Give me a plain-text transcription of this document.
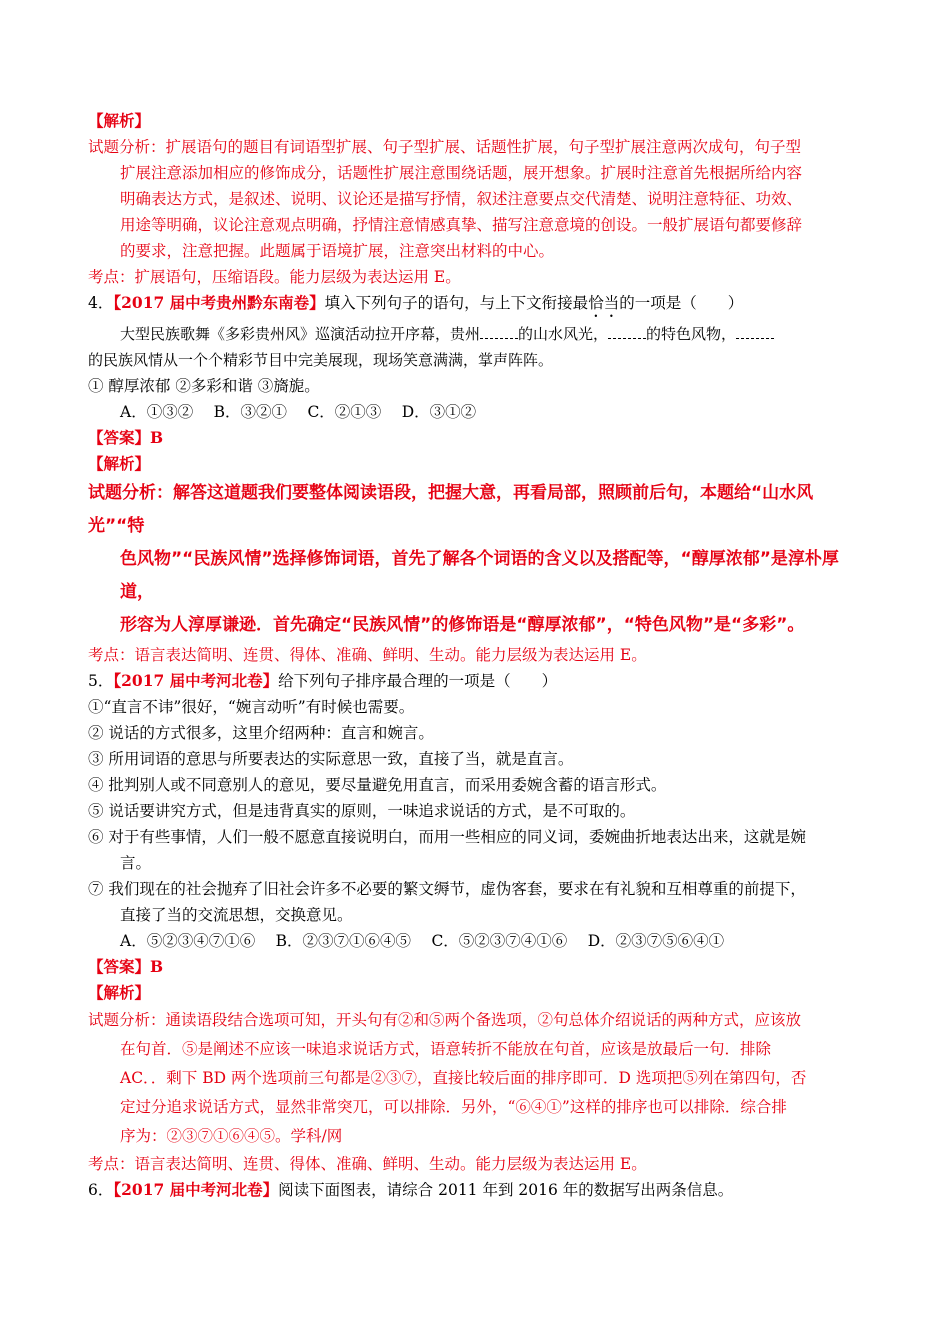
【解析】
试题分析：扩展语句的题目有词语型扩展、句子型扩展、话题性扩展，句子型扩展注意两次成句，句子型
扩展注意添加相应的修饰成分，话题性扩展注意围绕话题，展开想象。扩展时注意首先根据所给内容
明确表达方式，是叙述、说明、议论还是描写抒情，叙述注意要点交代清楚、说明注意特征、功效、
用途等明确，议论注意观点明确，抒情注意情感真挚、描写注意意境的创设。一般扩展语句都要修辞
的要求，注意把握。此题属于语境扩展，注意突出材料的中心。
考点：扩展语句，压缩语段。能力层级为表达运用 E。
4．【2017 届中考贵州黔东南卷】填入下列句子的语句，与上下文衔接最恰当的一项是（　　）
大型民族歌舞《多彩贵州风》巡演活动拉开序幕，贵州	的山水风光，	的特色风物，
的民族风情从一个个精彩节目中完美展现，现场笑意满满，掌声阵阵。
① 醇厚浓郁 ②多彩和谐 ③旖旎。
A．①③②　 B．③②①　 C．②①③　 D．③①②
【答案】B
【解析】
试题分析：解答这道题我们要整体阅读语段，把握大意，再看局部，照顾前后句，本题给“山水风光”“特
色风物”“民族风情”选择修饰词语，首先了解各个词语的含义以及搭配等，“醇厚浓郁”是淳朴厚道，
形容为人淳厚谦逊．首先确定“民族风情”的修饰语是“醇厚浓郁”，“特色风物”是“多彩”。
考点：语言表达简明、连贯、得体、准确、鲜明、生动。能力层级为表达运用 E。
5．【2017 届中考河北卷】给下列句子排序最合理的一项是（　　）
①“直言不讳”很好，“婉言动听”有时候也需要。
② 说话的方式很多，这里介绍两种：直言和婉言。
③ 所用词语的意思与所要表达的实际意思一致，直接了当，就是直言。
④ 批判别人或不同意别人的意见，要尽量避免用直言，而采用委婉含蓄的语言形式。
⑤ 说话要讲究方式，但是违背真实的原则，一味追求说话的方式，是不可取的。
⑥ 对于有些事情，人们一般不愿意直接说明白，而用一些相应的同义词，委婉曲折地表达出来，这就是婉
言。
⑦ 我们现在的社会抛弃了旧社会许多不必要的繁文缛节，虚伪客套，要求在有礼貌和互相尊重的前提下，
直接了当的交流思想，交换意见。
A．⑤②③④⑦①⑥　 B．②③⑦①⑥④⑤　 C．⑤②③⑦④①⑥　 D．②③⑦⑤⑥④①
【答案】B
【解析】
试题分析：通读语段结合选项可知，开头句有②和⑤两个备选项，②句总体介绍说话的两种方式，应该放
在句首．⑤是阐述不应该一味追求说话方式，语意转折不能放在句首，应该是放最后一句．排除
AC．．剩下 BD 两个选项前三句都是②③⑦，直接比较后面的排序即可．D 选项把⑤列在第四句，否
定过分追求说话方式，显然非常突兀，可以排除．另外，“⑥④①”这样的排序也可以排除．综合排
序为：②③⑦①⑥④⑤。学科/网
考点：语言表达简明、连贯、得体、准确、鲜明、生动。能力层级为表达运用 E。
6．【2017 届中考河北卷】阅读下面图表，请综合 2011 年到 2016 年的数据写出两条信息。
